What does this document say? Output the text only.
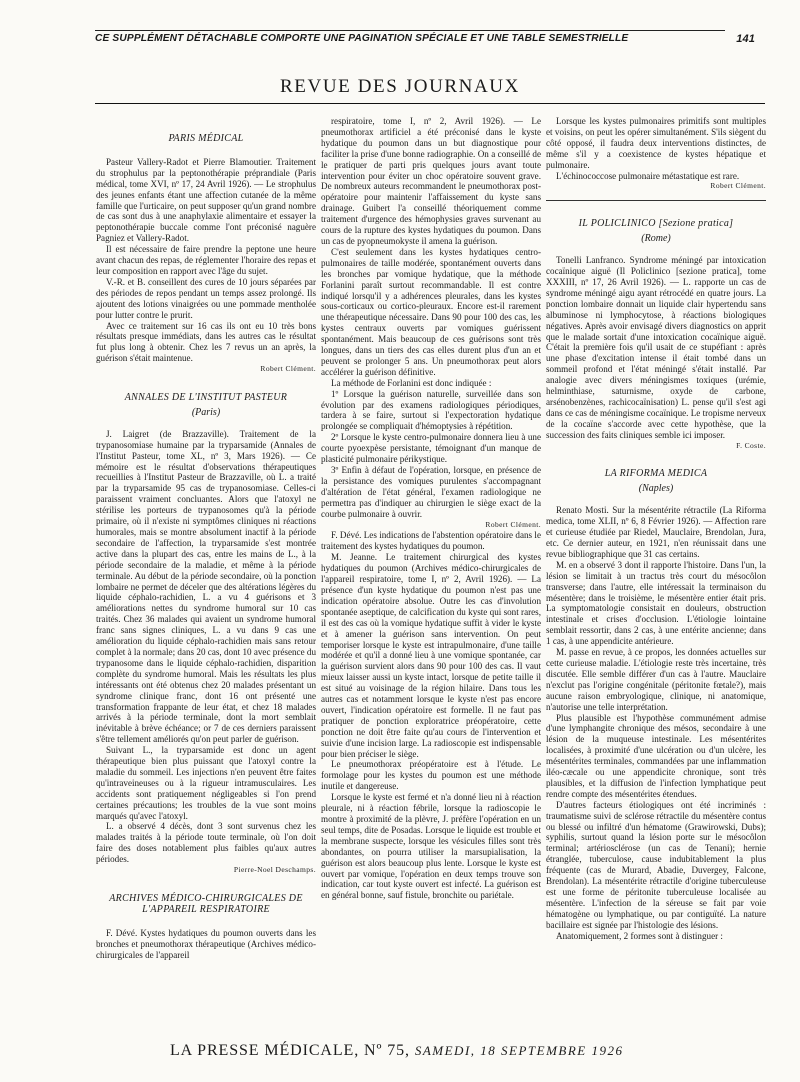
CE SUPPLÉMENT DÉTACHABLE COMPORTE UNE PAGINATION SPÉCIALE ET UNE TABLE SEMESTRIELLE	141
REVUE DES JOURNAUX
PARIS MÉDICAL

Pasteur Vallery-Radot et Pierre Blamoutier. Traitement du strophulus par la peptonothérapie préprandiale (Paris médical, tome XVI, nº 17, 24 Avril 1926). — Le strophulus des jeunes enfants étant une affection cutanée de la même famille que l'urticaire, on peut supposer qu'un grand nombre de cas sont dus à une anaphylaxie alimentaire et essayer la peptonothérapie buccale comme l'ont préconisé naguère Pagniez et Vallery-Radot.

Il est nécessaire de faire prendre la peptone une heure avant chacun des repas, de réglementer l'horaire des repas et leur composition en rapport avec l'âge du sujet.

V.-R. et B. conseillent des cures de 10 jours séparées par des périodes de repos pendant un temps assez prolongé. Ils ajoutent des lotions vinaigrées ou une pommade mentholée pour lutter contre le prurit.

Avec ce traitement sur 16 cas ils ont eu 10 très bons résultats presque immédiats, dans les autres cas le résultat fut plus long à obtenir. Chez les 7 revus un an après, la guérison s'était maintenue.

Robert Clément.
ANNALES DE L'INSTITUT PASTEUR
(Paris)

J. Laigret (de Brazzaville). Traitement de la trypanosomiase humaine par la tryparsamide (Annales de l'Institut Pasteur, tome XL, nº 3, Mars 1926). — Ce mémoire est le résultat d'observations thérapeutiques recueillies à l'Institut Pasteur de Brazzaville, où L. a traité par la tryparsamide 95 cas de trypanosomiase. Celles-ci paraissent vraiment concluantes. Alors que l'atoxyl ne stérilise les porteurs de trypanosomes qu'à la période primaire, où il n'existe ni symptômes cliniques ni réactions humorales, mais se montre absolument inactif à la période secondaire de l'affection, la tryparsamide s'est montrée active dans la plupart des cas, entre les mains de L., à la période secondaire de la maladie, et même à la période terminale. Au début de la période secondaire, où la ponction lombaire ne permet de déceler que des altérations légères du liquide céphalo-rachidien, L. a vu 4 guérisons et 3 améliorations nettes du syndrome humoral sur 10 cas traités. Chez 36 malades qui avaient un syndrome humoral franc sans signes cliniques, L. a vu dans 9 cas une amélioration du liquide céphalo-rachidien mais sans retour complet à la normale; dans 20 cas, dont 10 avec présence du trypanosome dans le liquide céphalo-rachidien, disparition complète du syndrome humoral. Mais les résultats les plus intéressants ont été obtenus chez 20 malades présentant un syndrome clinique franc, dont 16 ont présenté une transformation frappante de leur état, et chez 18 malades arrivés à la période terminale, dont la mort semblait inévitable à brève échéance; or 7 de ces derniers paraissent s'être tellement améliorés qu'on peut parler de guérison.

Suivant L., la tryparsamide est donc un agent thérapeutique bien plus puissant que l'atoxyl contre la maladie du sommeil. Les injections n'en peuvent être faites qu'intraveineuses ou à la rigueur intramusculaires. Les accidents sont pratiquement négligeables si l'on prend certaines précautions; les troubles de la vue sont moins marqués qu'avec l'atoxyl.

L. a observé 4 décès, dont 3 sont survenus chez les malades traités à la période toute terminale, où l'on doit faire des doses notablement plus faibles qu'aux autres périodes.

Pierre-Noel Deschamps.
ARCHIVES MÉDICO-CHIRURGICALES DE L'APPAREIL RESPIRATOIRE

F. Dévé. Kystes hydatiques du poumon ouverts dans les bronches et pneumothorax thérapeutique (Archives médico-chirurgicales de l'appareil

respiratoire, tome I, nº 2, Avril 1926). — Le pneumothorax artificiel a été préconisé dans le kyste hydatique du poumon dans un but diagnostique pour faciliter la prise d'une bonne radiographie. On a conseillé de le pratiquer de parti pris quelques jours avant toute intervention pour éviter un choc opératoire souvent grave. De nombreux auteurs recommandent le pneumothorax post-opératoire pour maintenir l'affaissement du kyste sans drainage. Guibert l'a conseillé théoriquement comme traitement d'urgence des hémophysies graves survenant au cours de la rupture des kystes hydatiques du poumon. Dans un cas de pyopneumokyste il amena la guérison.

C'est seulement dans les kystes hydatiques centro-pulmonaires de taille modérée, spontanément ouverts dans les bronches par vomique hydatique, que la méthode Forlanini paraît surtout recommandable. Il est contre indiqué lorsqu'il y a adhérences pleurales, dans les kystes sous-corticaux ou cortico-pleuraux. Encore est-il rarement une thérapeutique nécessaire. Dans 90 pour 100 des cas, les kystes centraux ouverts par vomiques guérissent spontanément. Mais beaucoup de ces guérisons sont très longues, dans un tiers des cas elles durent plus d'un an et peuvent se prolonger 5 ans. Un pneumothorax peut alors accélérer la guérison définitive.

La méthode de Forlanini est donc indiquée :

1º Lorsque la guérison naturelle, surveillée dans son évolution par des examens radiologiques périodiques, tardera à se faire, surtout si l'expectoration hydatique prolongée se compliquait d'hémoptysies à répétition.

2º Lorsque le kyste centro-pulmonaire donnera lieu à une courte pyoexpèse persistante, témoignant d'un manque de plasticité pulmonaire périkystique.

3º Enfin à défaut de l'opération, lorsque, en présence de la persistance des vomiques purulentes s'accompagnant d'altération de l'état général, l'examen radiologique ne permettra pas d'indiquer au chirurgien le siège exact de la courbe pulmonaire à ouvrir.

Robert Clément.

F. Dévé. Les indications de l'abstention opératoire dans le traitement des kystes hydatiques du poumon.

M. Jeanne. Le traitement chirurgical des kystes hydatiques du poumon (Archives médico-chirurgicales de l'appareil respiratoire, tome I, nº 2, Avril 1926). — La présence d'un kyste hydatique du poumon n'est pas une indication opératoire absolue. Outre les cas d'involution spontanée aseptique, de calcification du kyste qui sont rares, il est des cas où la vomique hydatique suffit à vider le kyste et à amener la guérison sans intervention. On peut temporiser lorsque le kyste est intrapulmonaire, d'une taille modérée et qu'il a donné lieu à une vomique spontanée, car la guérison survient alors dans 90 pour 100 des cas. Il vaut mieux laisser aussi un kyste intact, lorsque de petite taille il est situé au voisinage de la région hilaire. Dans tous les autres cas et notamment lorsque le kyste n'est pas encore ouvert, l'indication opératoire est formelle. Il ne faut pas pratiquer de ponction exploratrice préopératoire, cette ponction ne doit être faite qu'au cours de l'intervention et suivie d'une incision large. La radioscopie est indispensable pour bien préciser le siège.

Le pneumothorax préopératoire est à l'étude. Le formolage pour les kystes du poumon est une méthode inutile et dangereuse.

Lorsque le kyste est fermé et n'a donné lieu ni à réaction pleurale, ni à réaction fébrile, lorsque la radioscopie le montre à proximité de la plèvre, J. préfère l'opération en un seul temps, dite de Posadas. Lorsque le liquide est trouble et la membrane suspecte, lorsque les vésicules filles sont très abondantes, on pourra utiliser la marsupialisation, la guérison est alors beaucoup plus lente. Lorsque le kyste est ouvert par vomique, l'opération en deux temps trouve son indication, car tout kyste ouvert est infecté. La guérison est en général bonne, sauf fistule, bronchite ou pariétale.

Lorsque les kystes pulmonaires primitifs sont multiples et voisins, on peut les opérer simultanément. S'ils siègent du côté opposé, il faudra deux interventions distinctes, de même s'il y a coexistence de kystes hépatique et pulmonaire.

L'échinococcose pulmonaire métastatique est rare.

Robert Clément.
IL POLICLINICO [Sezione pratica]
(Rome)

Tonelli Lanfranco. Syndrome méningé par intoxication cocaïnique aiguë (Il Policlinico [sezione pratica], tome XXXIII, nº 17, 26 Avril 1926). — L. rapporte un cas de syndrome méningé aigu ayant rétrocédé en quatre jours. La ponction lombaire donnait un liquide clair hypertendu sans albuminose ni lymphocytose, à réactions biologiques négatives. Après avoir envisagé divers diagnostics on apprit que le malade sortait d'une intoxication cocaïnique aiguë. C'était la première fois qu'il usait de ce stupéfiant : après une phase d'excitation intense il était tombé dans un sommeil profond et l'état méningé s'était installé. Par analogie avec divers méningismes toxiques (urémie, helminthiase, saturnisme, oxyde de carbone, arsénobenzènes, rachicocaïnisation) L. pense qu'il s'est agi dans ce cas de méningisme cocaïnique. Le tropisme nerveux de la cocaïne s'accorde avec cette hypothèse, que la succession des faits cliniques semble ici imposer.

F. Coste.
LA RIFORMA MEDICA
(Naples)

Renato Mosti. Sur la mésentérite rétractile (La Riforma medica, tome XLII, nº 6, 8 Février 1926). — Affection rare et curieuse étudiée par Riedel, Mauclaire, Brendolan, Jura, etc. Ce dernier auteur, en 1921, n'en réunissait dans une revue bibliographique que 31 cas certains.

M. en a observé 3 dont il rapporte l'histoire. Dans l'un, la lésion se limitait à un tractus très court du mésocôlon transverse; dans l'autre, elle intéressait la terminaison du mésentère; dans le troisième, le mésentère entier était pris. La symptomatologie consistait en douleurs, obstruction intestinale et crises d'occlusion. L'étiologie lointaine semblait ressortir, dans 2 cas, à une entérite ancienne; dans 1 cas, à une appendicite antérieure.

M. passe en revue, à ce propos, les données actuelles sur cette curieuse maladie. L'étiologie reste très incertaine, très discutée. Elle semble différer d'un cas à l'autre. Mauclaire n'exclut pas l'origine congénitale (péritonite fœtale?), mais aucune raison embryologique, clinique, ni anatomique, n'autorise une telle interprétation.

Plus plausible est l'hypothèse communément admise d'une lymphangite chronique des mésos, secondaire à une lésion de la muqueuse intestinale. Les mésentérites localisées, à proximité d'une ulcération ou d'un ulcère, les mésentérites terminales, commandées par une inflammation iléo-cæcale ou une appendicite chronique, sont très plausibles, et la diffusion de l'infection lymphatique peut rendre compte des mésentérites étendues.

D'autres facteurs étiologiques ont été incriminés : traumatisme suivi de sclérose rétractile du mésentère contus ou blessé ou infiltré d'un hématome (Grawirowski, Dubs); syphilis, surtout quand la lésion porte sur le mésocôlon terminal; artériosclérose (un cas de Tenani); hernie étranglée, tuberculose, cause indubitablement la plus fréquente (cas de Murard, Abadie, Duvergey, Falcone, Brendolan). La mésentérite rétractile d'origine tuberculeuse est une forme de péritonite tuberculeuse localisée au mésentère. L'infection de la séreuse se fait par voie hématogène ou lymphatique, ou par contiguïté. La nature bacillaire est signée par l'histologie des lésions.

Anatomiquement, 2 formes sont à distinguer :

LA PRESSE MÉDICALE, Nº 75, SAMEDI, 18 SEPTEMBRE 1926
